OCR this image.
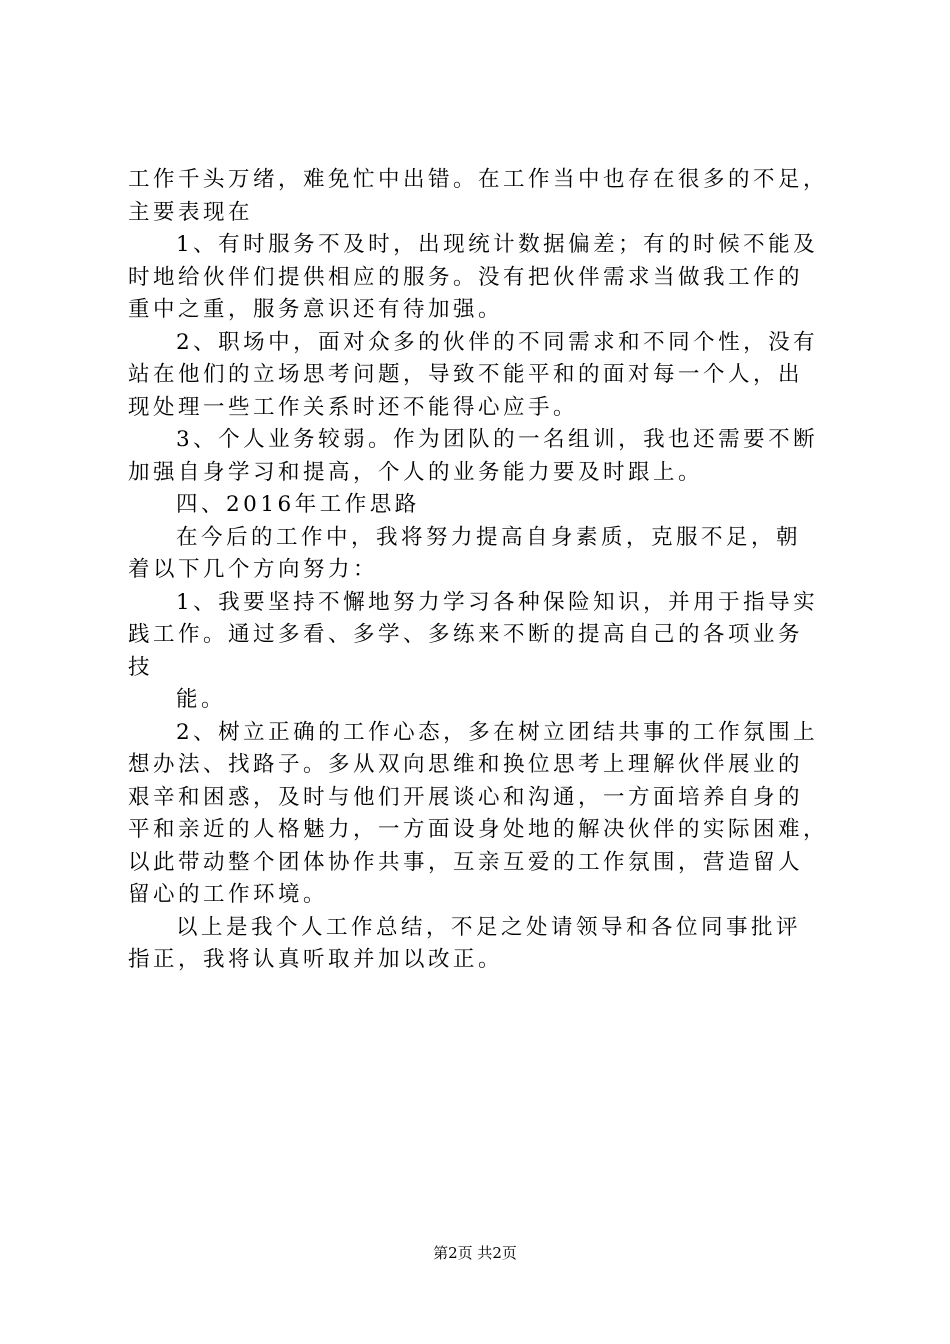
工作千头万绪，难免忙中出错。在工作当中也存在很多的不足，
主要表现在
1、有时服务不及时，出现统计数据偏差；有的时候不能及
时地给伙伴们提供相应的服务。没有把伙伴需求当做我工作的
重中之重，服务意识还有待加强。
2、职场中，面对众多的伙伴的不同需求和不同个性，没有
站在他们的立场思考问题，导致不能平和的面对每一个人，出
现处理一些工作关系时还不能得心应手。
3、个人业务较弱。作为团队的一名组训，我也还需要不断
加强自身学习和提高，个人的业务能力要及时跟上。
四、2016年工作思路
在今后的工作中，我将努力提高自身素质，克服不足，朝
着以下几个方向努力：
1、我要坚持不懈地努力学习各种保险知识，并用于指导实
践工作。通过多看、多学、多练来不断的提高自己的各项业务
技
能。
2、树立正确的工作心态，多在树立团结共事的工作氛围上
想办法、找路子。多从双向思维和换位思考上理解伙伴展业的
艰辛和困惑，及时与他们开展谈心和沟通，一方面培养自身的
平和亲近的人格魅力，一方面设身处地的解决伙伴的实际困难，
以此带动整个团体协作共事，互亲互爱的工作氛围，营造留人
留心的工作环境。
以上是我个人工作总结，不足之处请领导和各位同事批评
指正，我将认真听取并加以改正。
第2页 共2页
